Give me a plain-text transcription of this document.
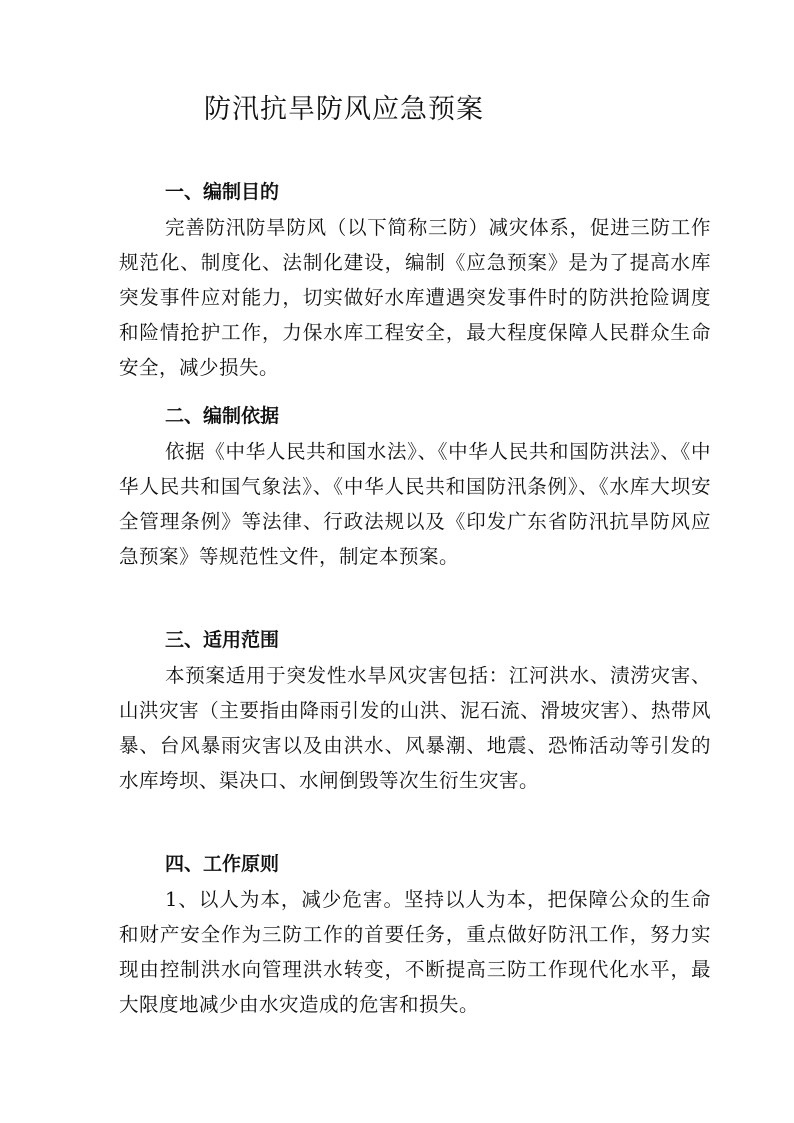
防汛抗旱防风应急预案
一、编制目的

完善防汛防旱防风（以下简称三防）减灾体系，促进三防工作规范化、制度化、法制化建设，编制《应急预案》是为了提高水库突发事件应对能力，切实做好水库遭遇突发事件时的防洪抢险调度和险情抢护工作，力保水库工程安全，最大程度保障人民群众生命安全，减少损失。

二、编制依据

依据《中华人民共和国水法》、《中华人民共和国防洪法》、《中华人民共和国气象法》、《中华人民共和国防汛条例》、《水库大坝安全管理条例》等法律、行政法规以及《印发广东省防汛抗旱防风应急预案》等规范性文件，制定本预案。

三、适用范围

本预案适用于突发性水旱风灾害包括：江河洪水、渍涝灾害、山洪灾害（主要指由降雨引发的山洪、泥石流、滑坡灾害）、热带风暴、台风暴雨灾害以及由洪水、风暴潮、地震、恐怖活动等引发的水库垮坝、渠决口、水闸倒毁等次生衍生灾害。

四、工作原则

1、以人为本，减少危害。坚持以人为本，把保障公众的生命和财产安全作为三防工作的首要任务，重点做好防汛工作，努力实现由控制洪水向管理洪水转变，不断提高三防工作现代化水平，最大限度地减少由水灾造成的危害和损失。
